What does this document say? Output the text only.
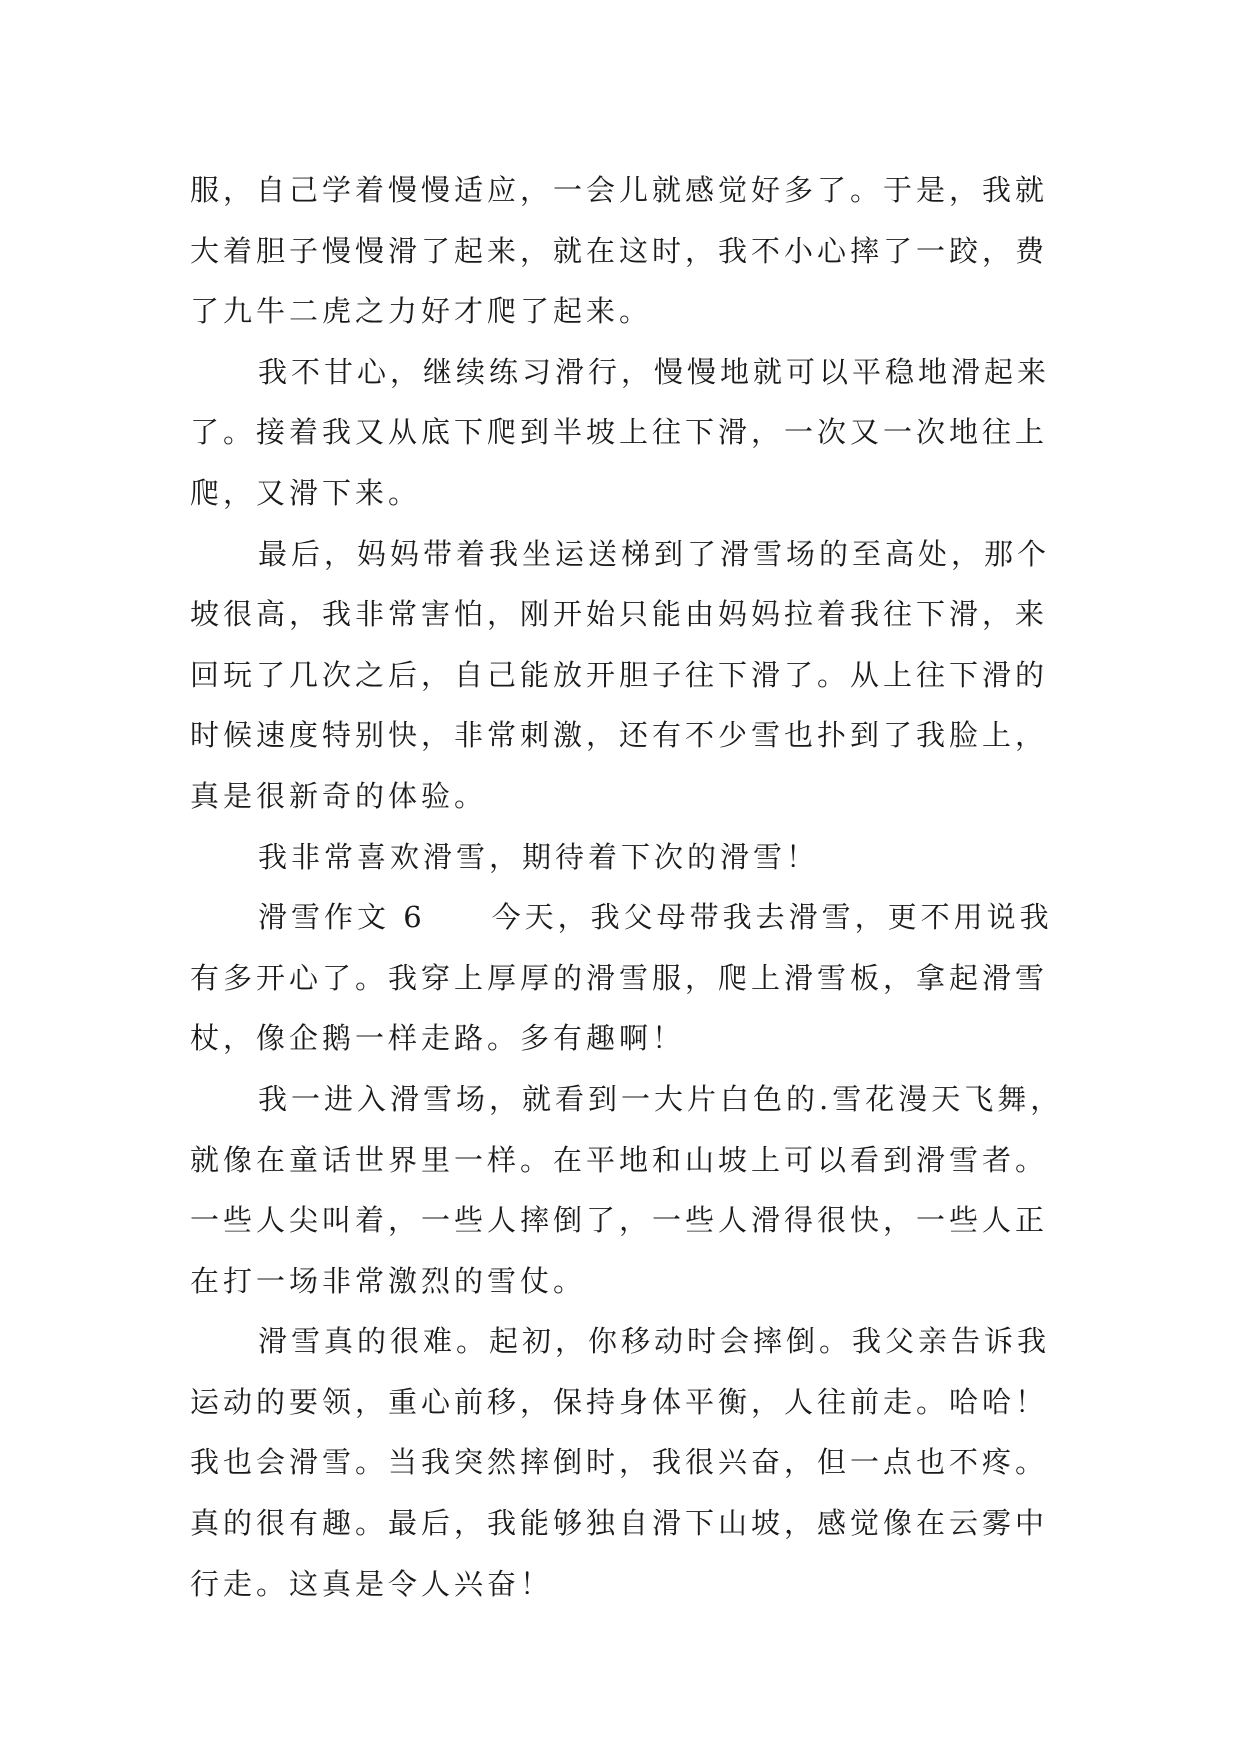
服，自己学着慢慢适应，一会儿就感觉好多了。于是，我就
大着胆子慢慢滑了起来，就在这时，我不小心摔了一跤，费
了九牛二虎之力好才爬了起来。
我不甘心，继续练习滑行，慢慢地就可以平稳地滑起来
了。接着我又从底下爬到半坡上往下滑，一次又一次地往上
爬，又滑下来。
最后，妈妈带着我坐运送梯到了滑雪场的至高处，那个
坡很高，我非常害怕，刚开始只能由妈妈拉着我往下滑，来
回玩了几次之后，自己能放开胆子往下滑了。从上往下滑的
时候速度特别快，非常刺激，还有不少雪也扑到了我脸上，
真是很新奇的体验。
我非常喜欢滑雪，期待着下次的滑雪！
滑雪作文 6　　今天，我父母带我去滑雪，更不用说我
有多开心了。我穿上厚厚的滑雪服，爬上滑雪板，拿起滑雪
杖，像企鹅一样走路。多有趣啊！
我一进入滑雪场，就看到一大片白色的.雪花漫天飞舞，
就像在童话世界里一样。在平地和山坡上可以看到滑雪者。
一些人尖叫着，一些人摔倒了，一些人滑得很快，一些人正
在打一场非常激烈的雪仗。
滑雪真的很难。起初，你移动时会摔倒。我父亲告诉我
运动的要领，重心前移，保持身体平衡，人往前走。哈哈！
我也会滑雪。当我突然摔倒时，我很兴奋，但一点也不疼。
真的很有趣。最后，我能够独自滑下山坡，感觉像在云雾中
行走。这真是令人兴奋！
